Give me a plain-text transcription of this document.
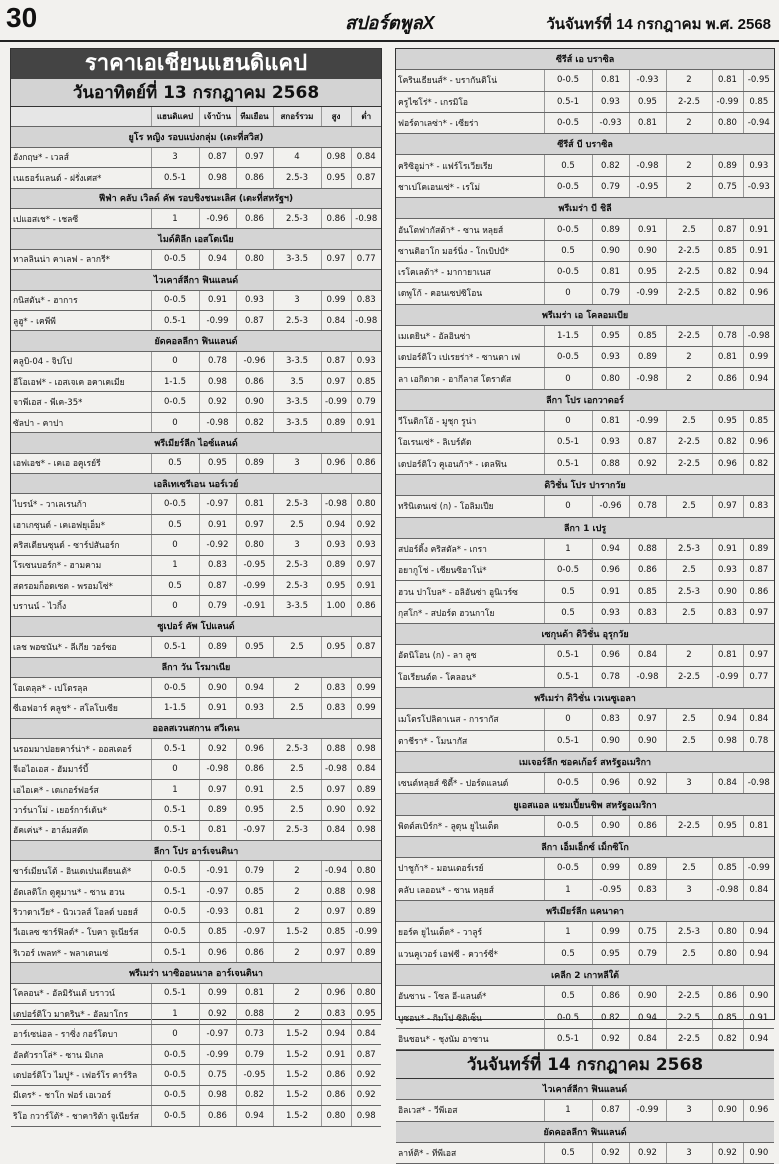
30	สปอร์ตพูลX	วันจันทร์ที่ 14 กรกฎาคม พ.ศ. 2568
ราคาเอเชียนแฮนดิแคป
วันอาทิตย์ที่ 13 กรกฎาคม 2568
	แฮนดิแคป	เจ้าบ้าน	ทีมเยือน	สกอร์รวม	สูง	ต่ำ
ยูโร หญิง รอบแบ่งกลุ่ม (เดะที่สวิส)						
อังกฤษ* - เวลส์	3	0.87	0.97	4	0.98	0.84
เนเธอร์แลนด์ - ฝรั่งเศส*	0.5-1	0.98	0.86	2.5-3	0.95	0.87
ฟีฟ่า คลับ เวิลด์ คัพ รอบชิงชนะเลิศ (เตะที่สหรัฐฯ)						
เปแอสเช* - เชลซี	1	-0.96	0.86	2.5-3	0.86	-0.98
ไมด์ติลีก เอสโตเนีย						
ทาลลินน่า คาเลฟ - ลากรี*	0-0.5	0.94	0.80	3-3.5	0.97	0.77
ไวเคาส์ลีกา ฟินแลนด์						
กนิสตัน* - ฮาการ	0-0.5	0.91	0.93	3	0.99	0.83
ลูฮู* - เคพีพี	0.5-1	-0.99	0.87	2.5-3	0.84	-0.98
ยัดคอลลีกา ฟินแลนด์						
คลูบิ-04 - จิปโป	0	0.78	-0.96	3-3.5	0.87	0.93
อีโอเอฟ* - เอสเจเค อคาเคเมีย	1-1.5	0.98	0.86	3.5	0.97	0.85
จาพีเอส - พีเค-35*	0-0.5	0.92	0.90	3-3.5	-0.99	0.79
ซัลปา - คาปา	0	-0.98	0.82	3-3.5	0.89	0.91
พรีเมียร์ลีก ไอซ์แลนด์						
เอฟเอช* - เคเอ อคูเรย์รี	0.5	0.95	0.89	3	0.96	0.86
เอลิเทเซรีเอน นอร์เวย์						
ไบรน์* - วาเลเรนก้า	0-0.5	-0.97	0.81	2.5-3	-0.98	0.80
เฮาเกซุนด์ - เคเอฟยุเอ็ม*	0.5	0.91	0.97	2.5	0.94	0.92
คริสเตียนซุนด์ - ซาร์ปสันอร์ก	0	-0.92	0.80	3	0.93	0.93
โรเซนบอร์ก* - ฮามคาม	1	0.83	-0.95	2.5-3	0.89	0.97
สตรอมก็อดเซต - พรอมโซ่*	0.5	0.87	-0.99	2.5-3	0.95	0.91
บรานน์ - ไวกิ้ง	0	0.79	-0.91	3-3.5	1.00	0.86
ซูเปอร์ คัพ โปแลนด์						
เลช พอซนัน* - ลีเกีย วอร์ซอ	0.5-1	0.89	0.95	2.5	0.95	0.87
ลีกา วัน โรมาเนีย						
โอเตลุล* - เปโตรลุล	0-0.5	0.90	0.94	2	0.83	0.99
ซีเอฟอาร์ คลูช* - สโลโบเซีย	1-1.5	0.91	0.93	2.5	0.83	0.99
ออลสเวนสกาน สวีเดน						
นรอมมาปอยคาร์น่า* - ออสเตอร์	0.5-1	0.92	0.96	2.5-3	0.88	0.98
จีเอไอเอส - ฮัมมาร์บี้	0	-0.98	0.86	2.5	-0.98	0.84
เอไอเค* - เดเกอร์ฟอร์ส	1	0.97	0.91	2.5	0.97	0.89
วาร์นาโม่ - เยอร์การ์เด้น*	0.5-1	0.89	0.95	2.5	0.90	0.92
ฮัคเค่น* - ฮาล์มสตัด	0.5-1	0.81	-0.97	2.5-3	0.84	0.98
ลีกา โปร อาร์เจนตินา						
ซาร์เมียนโต้ - อินเดเปนเดียนเต้*	0-0.5	-0.91	0.79	2	-0.94	0.80
อัตเลติโก ตูคูมาน* - ซาน ฮวน	0.5-1	-0.97	0.85	2	0.88	0.98
ริวาดาเวีย* - นิวเวลส์ โอลด์ บอยส์	0-0.5	-0.93	0.81	2	0.97	0.89
วีเอเลซ ซาร์ฟิลด์* - โบคา จูเนียร์ส	0-0.5	0.85	-0.97	1.5-2	0.85	-0.99
ริเวอร์ เพลท* - พลาเตนเซ่	0.5-1	0.96	0.86	2	0.97	0.89
พรีเมร่า นาซิออนนาล อาร์เจนตินา						
โคลอน* - อัลมิรันเต้ บราวน์	0.5-1	0.99	0.81	2	0.96	0.80
เดปอร์ติโว มาดริน* - อัลมาโกร	1	0.92	0.88	2	0.83	0.95
อาร์เซน่อล - ราซิ่ง กอร์โดบา	0	-0.97	0.73	1.5-2	0.94	0.84
อัลดัวราโล่* - ซาน มิเกล	0-0.5	-0.99	0.79	1.5-2	0.91	0.87
เดปอร์ติโว ไมปู* - เฟอร์โร คาร์ริล	0-0.5	0.75	-0.95	1.5-2	0.86	0.92
มีเตร* - ชาโก ฟอร์ เอเวอร์	0-0.5	0.98	0.82	1.5-2	0.86	0.92
ริโอ กวาร์โต้* - ชาคาริต้า จูเนียร์ส	0-0.5	0.86	0.94	1.5-2	0.80	0.98
ซีรีส์ เอ บราซิล						
โครินเธียนส์* - บรากันติโน่	0-0.5	0.81	-0.93	2	0.81	-0.95
ครูไซโร่* - เกรมิโอ	0.5-1	0.93	0.95	2-2.5	-0.99	0.85
ฟอร์ตาเลซ่า* - เซียร่า	0-0.5	-0.93	0.81	2	0.80	-0.94
ซีรีส์ บี บราซิล						
คริซิอูม่า* - แฟร์โรเวียเรีย	0.5	0.82	-0.98	2	0.89	0.93
ชาเปโคเอนเซ่* - เรโม่	0-0.5	0.79	-0.95	2	0.75	-0.93
พรีเมร่า บี ชิลี						
อันโตฟากัสต้า* - ซาน หลุยส์	0-0.5	0.89	0.91	2.5	0.87	0.91
ซานติอาโก มอร์นิ่ง - โกเบิปป์*	0.5	0.90	0.90	2-2.5	0.85	0.91
เรโคเลต้า* - มากายาเนส	0-0.5	0.81	0.95	2-2.5	0.82	0.94
เดพูโก้ - คอนเซปซิโอน	0	0.79	-0.99	2-2.5	0.82	0.96
พรีเมร่า เอ โคลอมเบีย						
เมเดยิน* - อัลอินซ่า	1-1.5	0.95	0.85	2-2.5	0.78	-0.98
เดปอร์ติโว เปเรยร่า* - ซานตา เฟ	0-0.5	0.93	0.89	2	0.81	0.99
ลา เอกิดาด - อากีลาส โดราดัส	0	0.80	-0.98	2	0.86	0.94
ลีกา โปร เอกวาดอร์						
วีโนติกโอ้ - มูชุก รูน่า	0	0.81	-0.99	2.5	0.95	0.85
โอเรนเซ่* - ลิเบร์ตัด	0.5-1	0.93	0.87	2-2.5	0.82	0.96
เดปอร์ติโว คูเอนก้า* - เดลฟิน	0.5-1	0.88	0.92	2-2.5	0.96	0.82
ดิวิชั่น โปร ปารากวัย						
ทรินิเดนเซ่ (ก) - โอลิมเปีย	0	-0.96	0.78	2.5	0.97	0.83
ลีกา 1 เปรู						
สปอร์ติ้ง คริสตัล* - เกรา	1	0.94	0.88	2.5-3	0.91	0.89
อยากูโช่ - เซียนซิอาโน่*	0-0.5	0.96	0.86	2.5	0.93	0.87
ฮวน ปาโบล* - อลิอันซ่า อูนิเวร์ซ	0.5	0.91	0.85	2.5-3	0.90	0.86
กุสโก* - สปอร์ต ฮวนกาโย	0.5	0.93	0.83	2.5	0.83	0.97
เซกุนด้า ดิวิชั่น อุรุกวัย						
อัตนิโอน (ก) - ลา ลูซ	0.5-1	0.96	0.84	2	0.81	0.97
โอเรียนต์ต - โคลอน*	0.5-1	0.78	-0.98	2-2.5	-0.99	0.77
พรีเมร่า ดิวิชั่น เวเนซูเอลา						
เมโตรโปลิตาเนส - การากัส	0	0.83	0.97	2.5	0.94	0.84
ตาชีรา* - โมนากัส	0.5-1	0.90	0.90	2.5	0.98	0.78
เมเจอร์ลีก ซอคเก้อร์ สหรัฐอเมริกา						
เซนต์หลุยส์ ซิตี้* - ปอร์ตแลนด์	0-0.5	0.96	0.92	3	0.84	-0.98
ยูเอสแอล แชมเปี้ยนชิพ สหรัฐอเมริกา						
พิตต์สเบิร์ก* - ลูดุน ยูไนเต็ด	0-0.5	0.90	0.86	2-2.5	0.95	0.81
ลีกา เอ็มเอ็กซ์ เม็กซิโก						
ปาชูก้า* - มอนเตอร์เรย์	0-0.5	0.99	0.89	2.5	0.85	-0.99
คลับ เลออน* - ซาน หลุยส์	1	-0.95	0.83	3	-0.98	0.84
พรีเมียร์ลีก แคนาดา						
ยอร์ค ยูไนเต็ด* - วาลูร์	1	0.99	0.75	2.5-3	0.80	0.94
แวนคูเวอร์ เอฟซี - ควาร์ซี่*	0.5	0.95	0.79	2.5	0.80	0.94
เคลีก 2 เกาหลีใต้						
อันซาน - โซล อี-แลนด์*	0.5	0.86	0.90	2-2.5	0.86	0.90
บูซอน* - กิมโป ซิติเซ็น	0-0.5	0.82	0.94	2-2.5	0.85	0.91
อินชอน* - ชุงนัม อาซาน	0.5-1	0.92	0.84	2-2.5	0.82	0.94
วันจันทร์ที่ 14 กรกฎาคม 2568
ไวเคาส์ลีกา ฟินแลนด์						
อิลเวส* - วีพีเอส	1	0.87	-0.99	3	0.90	0.96
ยัดคอลลีกา ฟินแลนด์						
ลาห์ติ* - ทีพีเอส	0.5	0.92	0.92	3	0.92	0.90
